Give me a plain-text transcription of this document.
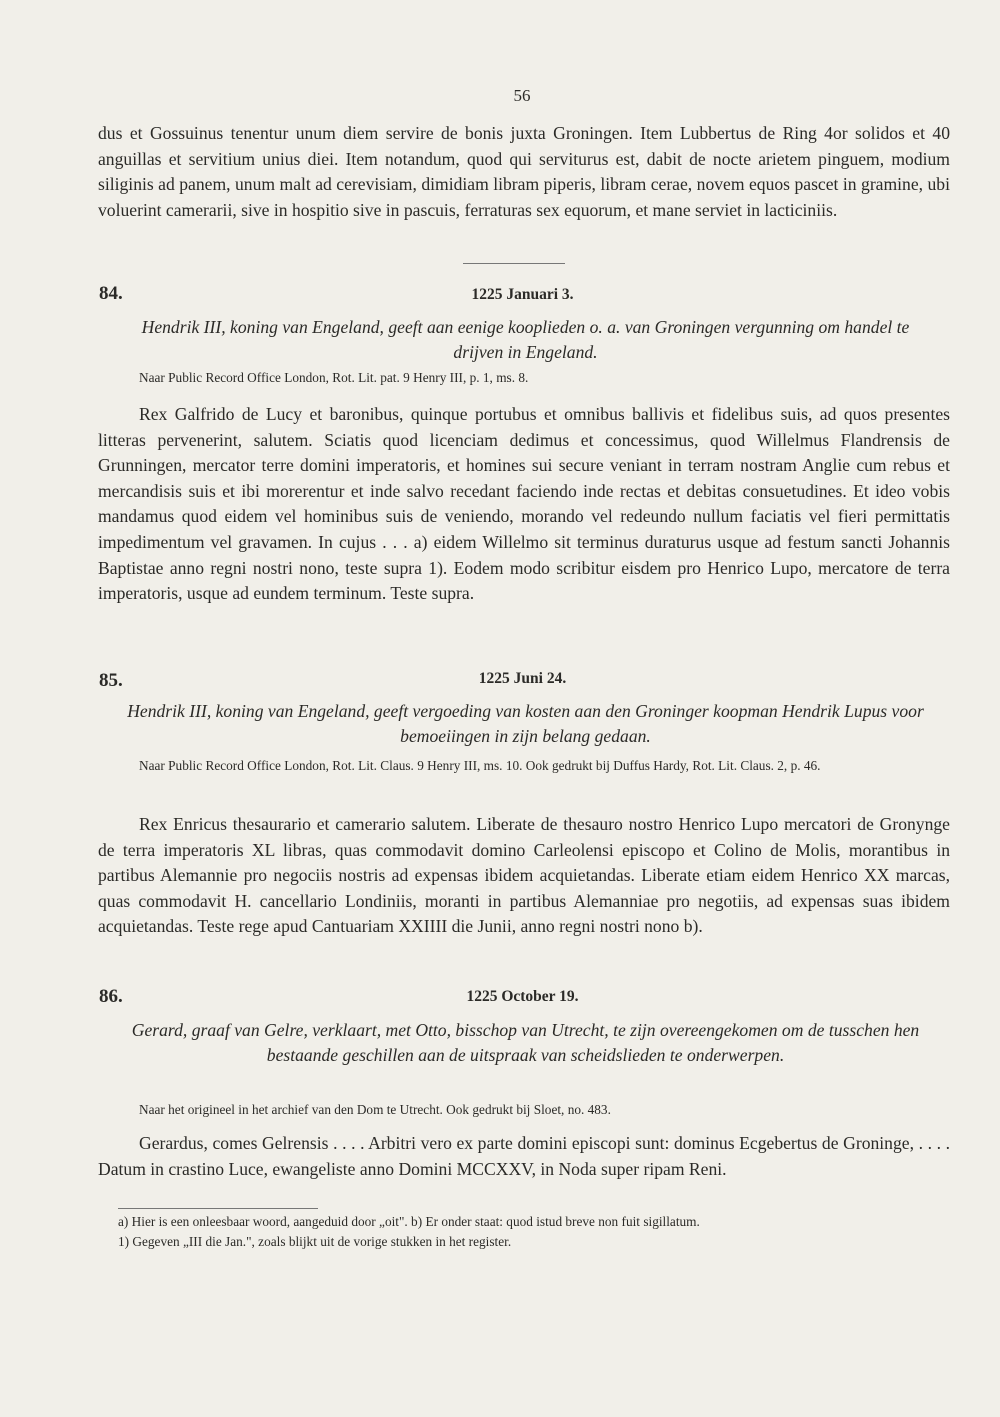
56

dus et Gossuinus tenentur unum diem servire de bonis juxta Groningen. Item Lubbertus de Ring 4or solidos et 40 anguillas et servitium unius diei. Item notandum, quod qui serviturus est, dabit de nocte arietem pinguem, modium siliginis ad panem, unum malt ad cerevisiam, dimidiam libram piperis, libram cerae, novem equos pascet in gramine, ubi voluerint camerarii, sive in hospitio sive in pascuis, ferraturas sex equorum, et mane serviet in lacticiniis.

84.	1225 Januari 3.

Hendrik III, koning van Engeland, geeft aan eenige kooplieden o. a. van Groningen vergunning om handel te drijven in Engeland.

Naar Public Record Office London, Rot. Lit. pat. 9 Henry III, p. 1, ms. 8.

Rex Galfrido de Lucy et baronibus, quinque portubus et omnibus ballivis et fidelibus suis, ad quos presentes litteras pervenerint, salutem. Sciatis quod licenciam dedimus et concessimus, quod Willelmus Flandrensis de Grunningen, mercator terre domini imperatoris, et homines sui secure veniant in terram nostram Anglie cum rebus et mercandisis suis et ibi morerentur et inde salvo recedant faciendo inde rectas et debitas consuetudines. Et ideo vobis mandamus quod eidem vel hominibus suis de veniendo, morando vel redeundo nullum faciatis vel fieri permittatis impedimentum vel gravamen. In cujus . . . a) eidem Willelmo sit terminus duraturus usque ad festum sancti Johannis Baptistae anno regni nostri nono, teste supra 1). Eodem modo scribitur eisdem pro Henrico Lupo, mercatore de terra imperatoris, usque ad eundem terminum. Teste supra.

85.	1225 Juni 24.

Hendrik III, koning van Engeland, geeft vergoeding van kosten aan den Groninger koopman Hendrik Lupus voor bemoeiingen in zijn belang gedaan.

Naar Public Record Office London, Rot. Lit. Claus. 9 Henry III, ms. 10. Ook gedrukt bij Duffus Hardy, Rot. Lit. Claus. 2, p. 46.

Rex Enricus thesaurario et camerario salutem. Liberate de thesauro nostro Henrico Lupo mercatori de Gronynge de terra imperatoris XL libras, quas commodavit domino Carleolensi episcopo et Colino de Molis, morantibus in partibus Alemannie pro negociis nostris ad expensas ibidem acquietandas. Liberate etiam eidem Henrico XX marcas, quas commodavit H. cancellario Londiniis, moranti in partibus Alemanniae pro negotiis, ad expensas suas ibidem acquietandas. Teste rege apud Cantuariam XXIIII die Junii, anno regni nostri nono b).

86.	1225 October 19.

Gerard, graaf van Gelre, verklaart, met Otto, bisschop van Utrecht, te zijn overeengekomen om de tusschen hen bestaande geschillen aan de uitspraak van scheidslieden te onderwerpen.

Naar het origineel in het archief van den Dom te Utrecht. Ook gedrukt bij Sloet, no. 483.

Gerardus, comes Gelrensis . . . . Arbitri vero ex parte domini episcopi sunt: dominus Ecgebertus de Groninge, . . . . Datum in crastino Luce, ewangeliste anno Domini MCCXXV, in Noda super ripam Reni.

a) Hier is een onleesbaar woord, aangeduid door „oit". b) Er onder staat: quod istud breve non fuit sigillatum.

1) Gegeven „III die Jan.", zoals blijkt uit de vorige stukken in het register.
